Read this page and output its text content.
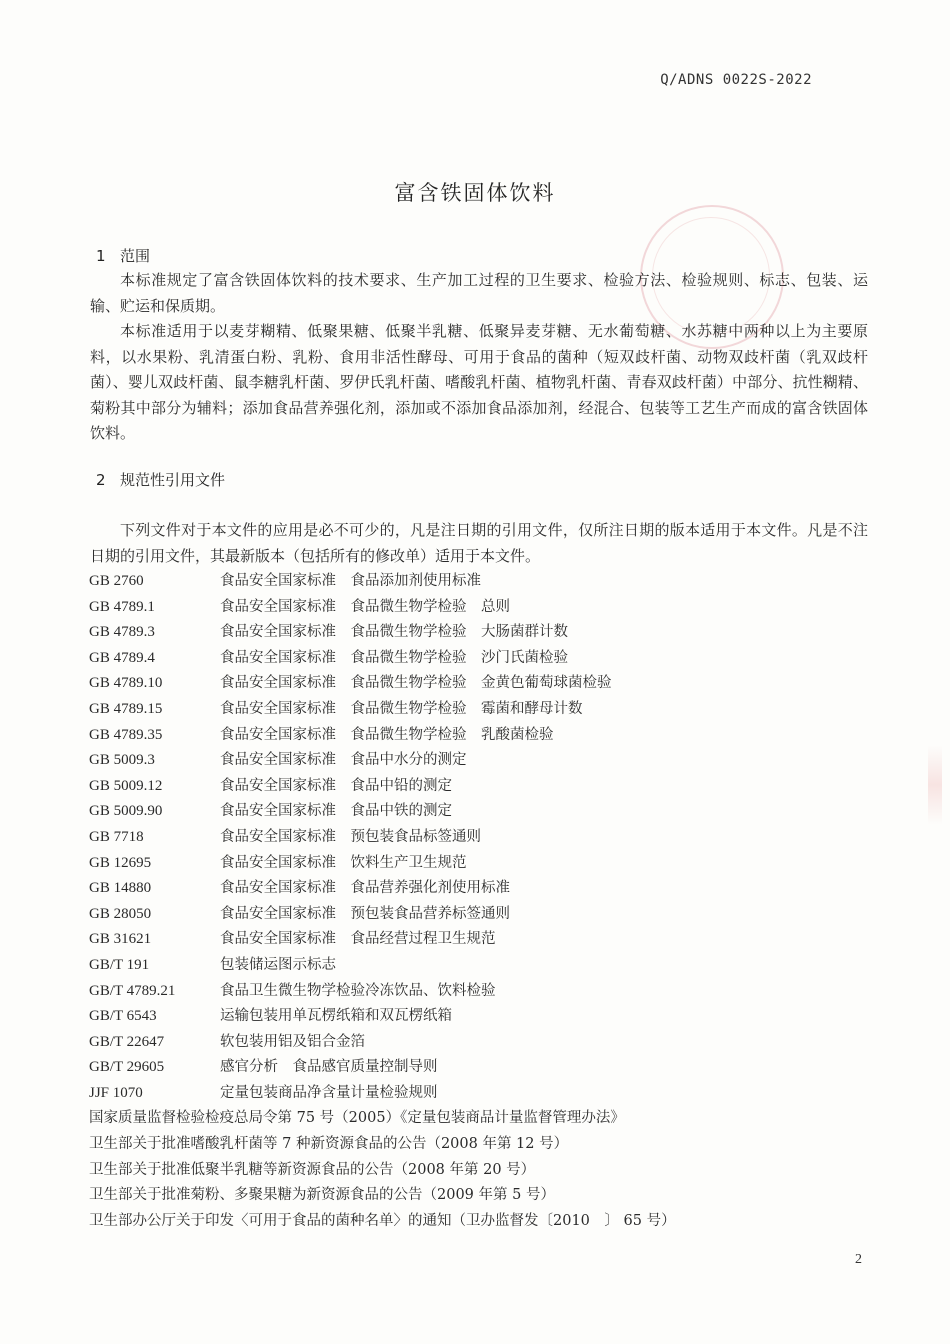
Q/ADNS 0022S-2022
富含铁固体饮料
1 范围
本标准规定了富含铁固体饮料的技术要求、生产加工过程的卫生要求、检验方法、检验规则、标志、包装、运输、贮运和保质期。
本标准适用于以麦芽糊精、低聚果糖、低聚半乳糖、低聚异麦芽糖、无水葡萄糖、水苏糖中两种以上为主要原料，以水果粉、乳清蛋白粉、乳粉、食用非活性酵母、可用于食品的菌种（短双歧杆菌、动物双歧杆菌（乳双歧杆菌）、婴儿双歧杆菌、鼠李糖乳杆菌、罗伊氏乳杆菌、嗜酸乳杆菌、植物乳杆菌、青春双歧杆菌）中部分、抗性糊精、菊粉其中部分为辅料；添加食品营养强化剂，添加或不添加食品添加剂，经混合、包装等工艺生产而成的富含铁固体饮料。
2 规范性引用文件
下列文件对于本文件的应用是必不可少的，凡是注日期的引用文件，仅所注日期的版本适用于本文件。凡是不注日期的引用文件，其最新版本（包括所有的修改单）适用于本文件。
GB 2760	食品安全国家标准　食品添加剂使用标准
GB 4789.1	食品安全国家标准　食品微生物学检验　总则
GB 4789.3	食品安全国家标准　食品微生物学检验　大肠菌群计数
GB 4789.4	食品安全国家标准　食品微生物学检验　沙门氏菌检验
GB 4789.10	食品安全国家标准　食品微生物学检验　金黄色葡萄球菌检验
GB 4789.15	食品安全国家标准　食品微生物学检验　霉菌和酵母计数
GB 4789.35	食品安全国家标准　食品微生物学检验　乳酸菌检验
GB 5009.3	食品安全国家标准　食品中水分的测定
GB 5009.12	食品安全国家标准　食品中铅的测定
GB 5009.90	食品安全国家标准　食品中铁的测定
GB 7718	食品安全国家标准　预包装食品标签通则
GB 12695	食品安全国家标准　饮料生产卫生规范
GB 14880	食品安全国家标准　食品营养强化剂使用标准
GB 28050	食品安全国家标准　预包装食品营养标签通则
GB 31621	食品安全国家标准　食品经营过程卫生规范
GB/T 191	包装储运图示标志
GB/T 4789.21	食品卫生微生物学检验冷冻饮品、饮料检验
GB/T 6543	运输包装用单瓦楞纸箱和双瓦楞纸箱
GB/T 22647	软包装用铝及铝合金箔
GB/T 29605	感官分析　食品感官质量控制导则
JJF 1070	定量包装商品净含量计量检验规则
国家质量监督检验检疫总局令第 75 号（2005）《定量包装商品计量监督管理办法》
卫生部关于批准嗜酸乳杆菌等 7 种新资源食品的公告（2008 年第 12 号）
卫生部关于批准低聚半乳糖等新资源食品的公告（2008 年第 20 号）
卫生部关于批准菊粉、多聚果糖为新资源食品的公告（2009 年第 5 号）
卫生部办公厅关于印发〈可用于食品的菌种名单〉的通知（卫办监督发〔2010　〕 65 号）
2
